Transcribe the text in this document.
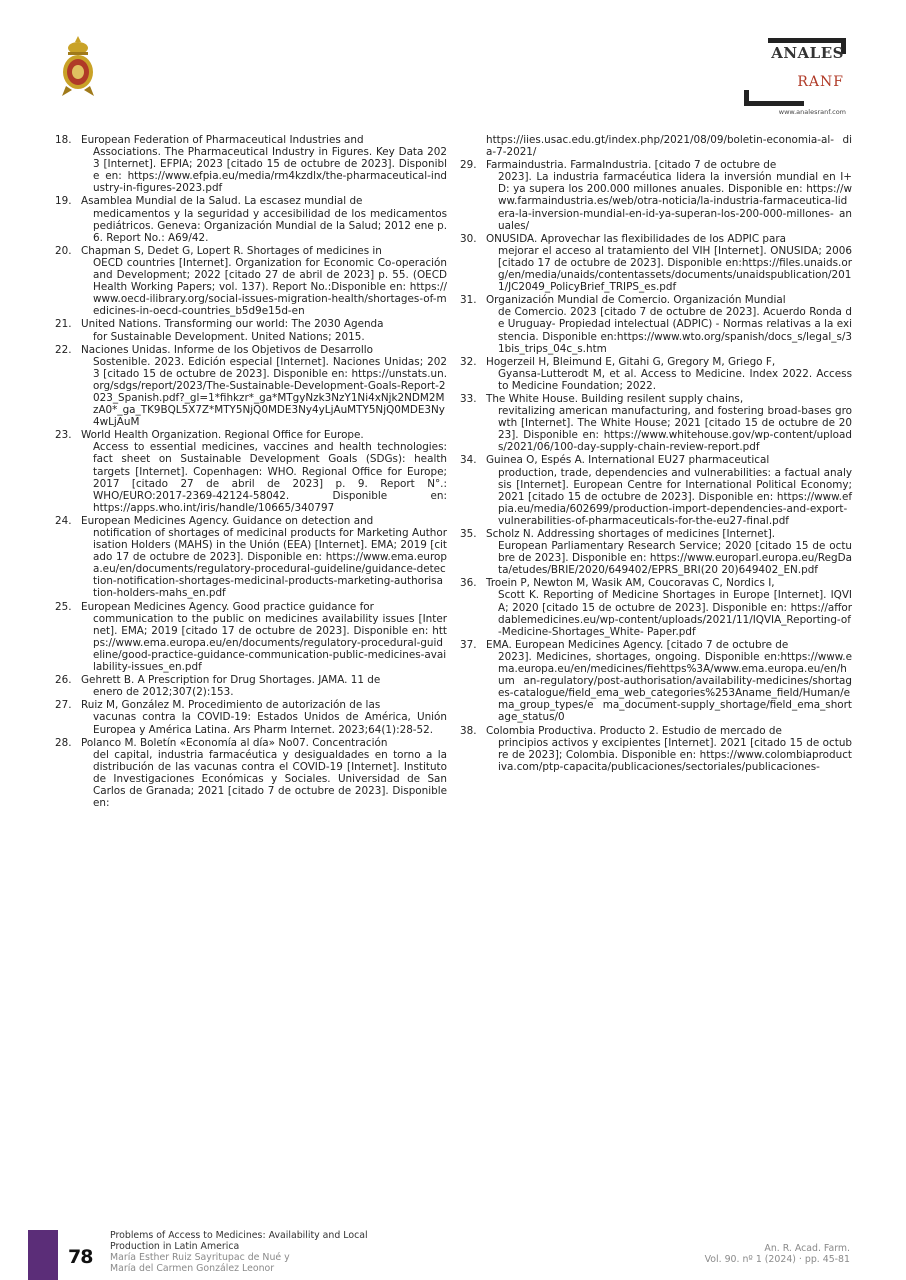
ANALES
RANF
www.analesranf.com
18. European Federation of Pharmaceutical Industries and
Associations. The Pharmaceutical Industry in Figures. Key Data 2023 [Internet]. EFPIA; 2023 [citado 15 de octubre de 2023]. Disponible en: https://www.efpia.eu/media/rm4kzdlx/the-pharmaceutical-industry-in-figures-2023.pdf
19. Asamblea Mundial de la Salud. La escasez mundial de
medicamentos y la seguridad y accesibilidad de los medicamentos pediátricos. Geneva: Organización Mundial de la Salud; 2012 ene p. 6. Report No.: A69/42.
20. Chapman S, Dedet G, Lopert R. Shortages of medicines in
OECD countries [Internet]. Organization for Economic Co-operación and Development; 2022 [citado 27 de abril de 2023] p. 55. (OECD Health Working Papers; vol. 137). Report No.:Disponible en: https://www.oecd-ilibrary.org/social-issues-migration-health/shortages-of-medicines-in-oecd-countries_b5d9e15d-en
21. United Nations. Transforming our world: The 2030 Agenda
for Sustainable Development. United Nations; 2015.
22. Naciones Unidas. Informe de los Objetivos de Desarrollo
Sostenible. 2023. Edición especial [Internet]. Naciones Unidas; 2023 [citado 15 de octubre de 2023]. Disponible en: https://unstats.un.org/sdgs/report/2023/The-Sustainable-Development-Goals-Report-2023_Spanish.pdf?_gl=1*fihkzr*_ga*MTgyNzk3NzY1Ni4xNjk2NDM2MzA0*_ga_TK9BQL5X7Z*MTY5NjQ0MDE3Ny4yLjAuMTY5NjQ0MDE3Ny4wLjAuM
23. World Health Organization. Regional Office for Europe.
Access to essential medicines, vaccines and health technologies: fact sheet on Sustainable Development Goals (SDGs): health targets [Internet]. Copenhagen: WHO. Regional Office for Europe; 2017 [citado 27 de abril de 2023] p. 9. Report N°.: WHO/EURO:2017-2369-42124-58042. Disponible en: https://apps.who.int/iris/handle/10665/340797
24. European Medicines Agency. Guidance on detection and
notification of shortages of medicinal products for Marketing Authorisation Holders (MAHS) in the Unión (EEA) [Internet]. EMA; 2019 [citado 17 de octubre de 2023]. Disponible en: https://www.ema.europa.eu/en/documents/regulatory-procedural-guideline/guidance-detection-notification-shortages-medicinal-products-marketing-authorisation-holders-mahs_en.pdf
25. European Medicines Agency. Good practice guidance for
communication to the public on medicines availability issues [Internet]. EMA; 2019 [citado 17 de octubre de 2023]. Disponible en: https://www.ema.europa.eu/en/documents/regulatory-procedural-guideline/good-practice-guidance-communication-public-medicines-availability-issues_en.pdf
26. Gehrett B. A Prescription for Drug Shortages. JAMA. 11 de
enero de 2012;307(2):153.
27. Ruiz M, González M. Procedimiento de autorización de las
vacunas contra la COVID-19: Estados Unidos de América, Unión Europea y América Latina. Ars Pharm Internet. 2023;64(1):28-52.
28. Polanco M. Boletín «Economía al día» No07. Concentración
del capital, industria farmacéutica y desigualdades en torno a la distribución de las vacunas contra el COVID-19 [Internet]. Instituto de Investigaciones Económicas y Sociales. Universidad de San Carlos de Granada; 2021 [citado 7 de octubre de 2023]. Disponible en:
https://iies.usac.edu.gt/index.php/2021/08/09/boletin-economia-al- dia-7-2021/
29. Farmaindustria. FarmaIndustria. [citado 7 de octubre de
2023]. La industria farmacéutica lidera la inversión mundial en I+D: ya supera los 200.000 millones anuales. Disponible en: https://www.farmaindustria.es/web/otra-noticia/la-industria-farmaceutica-lidera-la-inversion-mundial-en-id-ya-superan-los-200-000-millones- anuales/
30. ONUSIDA. Aprovechar las flexibilidades de los ADPIC para
mejorar el acceso al tratamiento del VIH [Internet]. ONUSIDA; 2006 [citado 17 de octubre de 2023]. Disponible en:https://files.unaids.org/en/media/unaids/contentassets/documents/unaidspublication/2011/JC2049_PolicyBrief_TRIPS_es.pdf
31. Organización Mundial de Comercio. Organización Mundial
de Comercio. 2023 [citado 7 de octubre de 2023]. Acuerdo Ronda de Uruguay- Propiedad intelectual (ADPIC) - Normas relativas a la existencia. Disponible en:https://www.wto.org/spanish/docs_s/legal_s/31bis_trips_04c_s.htm
32. Hogerzeil H, Bleimund E, Gitahi G, Gregory M, Griego F,
Gyansa-Lutterodt M, et al. Access to Medicine. Index 2022. Access to Medicine Foundation; 2022.
33. The White House. Building resilent supply chains,
revitalizing american manufacturing, and fostering broad-bases growth [Internet]. The White House; 2021 [citado 15 de octubre de 2023]. Disponible en: https://www.whitehouse.gov/wp-content/uploads/2021/06/100-day-supply-chain-review-report.pdf
34. Guinea O, Espés A. International EU27 pharmaceutical
production, trade, dependencies and vulnerabilities: a factual analysis [Internet]. European Centre for International Political Economy; 2021 [citado 15 de octubre de 2023]. Disponible en: https://www.efpia.eu/media/602699/production-import-dependencies-and-export-vulnerabilities-of-pharmaceuticals-for-the-eu27-final.pdf
35. Scholz N. Addressing shortages of medicines [Internet].
European Parliamentary Research Service; 2020 [citado 15 de octubre de 2023]. Disponible en: https://www.europarl.europa.eu/RegData/etudes/BRIE/2020/649402/EPRS_BRI(20 20)649402_EN.pdf
36. Troein P, Newton M, Wasik AM, Coucoravas C, Nordics I,
Scott K. Reporting of Medicine Shortages in Europe [Internet]. IQVIA; 2020 [citado 15 de octubre de 2023]. Disponible en: https://affordablemedicines.eu/wp-content/uploads/2021/11/IQVIA_Reporting-of-Medicine-Shortages_White- Paper.pdf
37. EMA. European Medicines Agency. [citado 7 de octubre de
2023]. Medicines, shortages, ongoing. Disponible en:https://www.ema.europa.eu/en/medicines/fiehttps%3A/www.ema.europa.eu/en/hum an-regulatory/post-authorisation/availability-medicines/shortages-catalogue/field_ema_web_categories%253Aname_field/Human/ema_group_types/e ma_document-supply_shortage/field_ema_shortage_status/0
38. Colombia Productiva. Producto 2. Estudio de mercado de
principios activos y excipientes [Internet]. 2021 [citado 15 de octubre de 2023]; Colombia. Disponible en: https://www.colombiaproductiva.com/ptp-capacita/publicaciones/sectoriales/publicaciones-
78
Problems of Access to Medicines: Availability and Local
Production in Latin America
María Esther Ruiz Sayritupac de Nué y
María del Carmen González Leonor
An. R. Acad. Farm.
Vol. 90. nº 1 (2024) · pp. 45-81
